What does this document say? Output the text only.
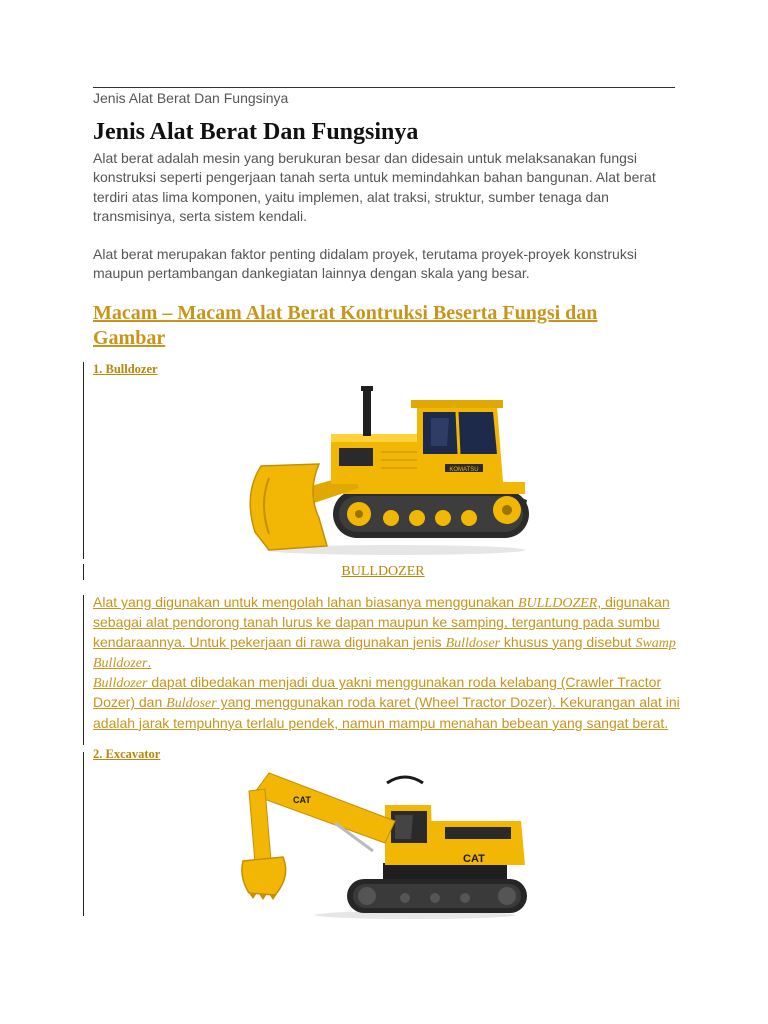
Jenis Alat Berat Dan Fungsinya
Jenis Alat Berat Dan Fungsinya

Alat berat adalah mesin yang berukuran besar dan didesain untuk melaksanakan fungsi konstruksi seperti pengerjaan tanah serta untuk memindahkan bahan bangunan. Alat berat terdiri atas lima komponen, yaitu implemen, alat traksi, struktur, sumber tenaga dan transmisinya, serta sistem kendali.

Alat berat merupakan faktor penting didalam proyek, terutama proyek-proyek konstruksi maupun pertambangan dankegiatan lainnya dengan skala yang besar.

Macam – Macam Alat Berat Kontruksi Beserta Fungsi dan Gambar
1. Bulldozer
KOMATSU
BULLDOZER

Alat yang digunakan untuk mengolah lahan biasanya menggunakan BULLDOZER, digunakan sebagai alat pendorong tanah lurus ke dapan maupun ke samping, tergantung pada sumbu kendaraannya. Untuk pekerjaan di rawa digunakan jenis Bulldoser khusus yang disebut Swamp Bulldozer.
Bulldozer dapat dibedakan menjadi dua yakni menggunakan roda kelabang (Crawler Tractor Dozer) dan Buldoser yang menggunakan roda karet (Wheel Tractor Dozer). Kekurangan alat ini adalah jarak tempuhnya terlalu pendek, namun mampu menahan bebean yang sangat berat.

2. Excavator
CAT
CAT
